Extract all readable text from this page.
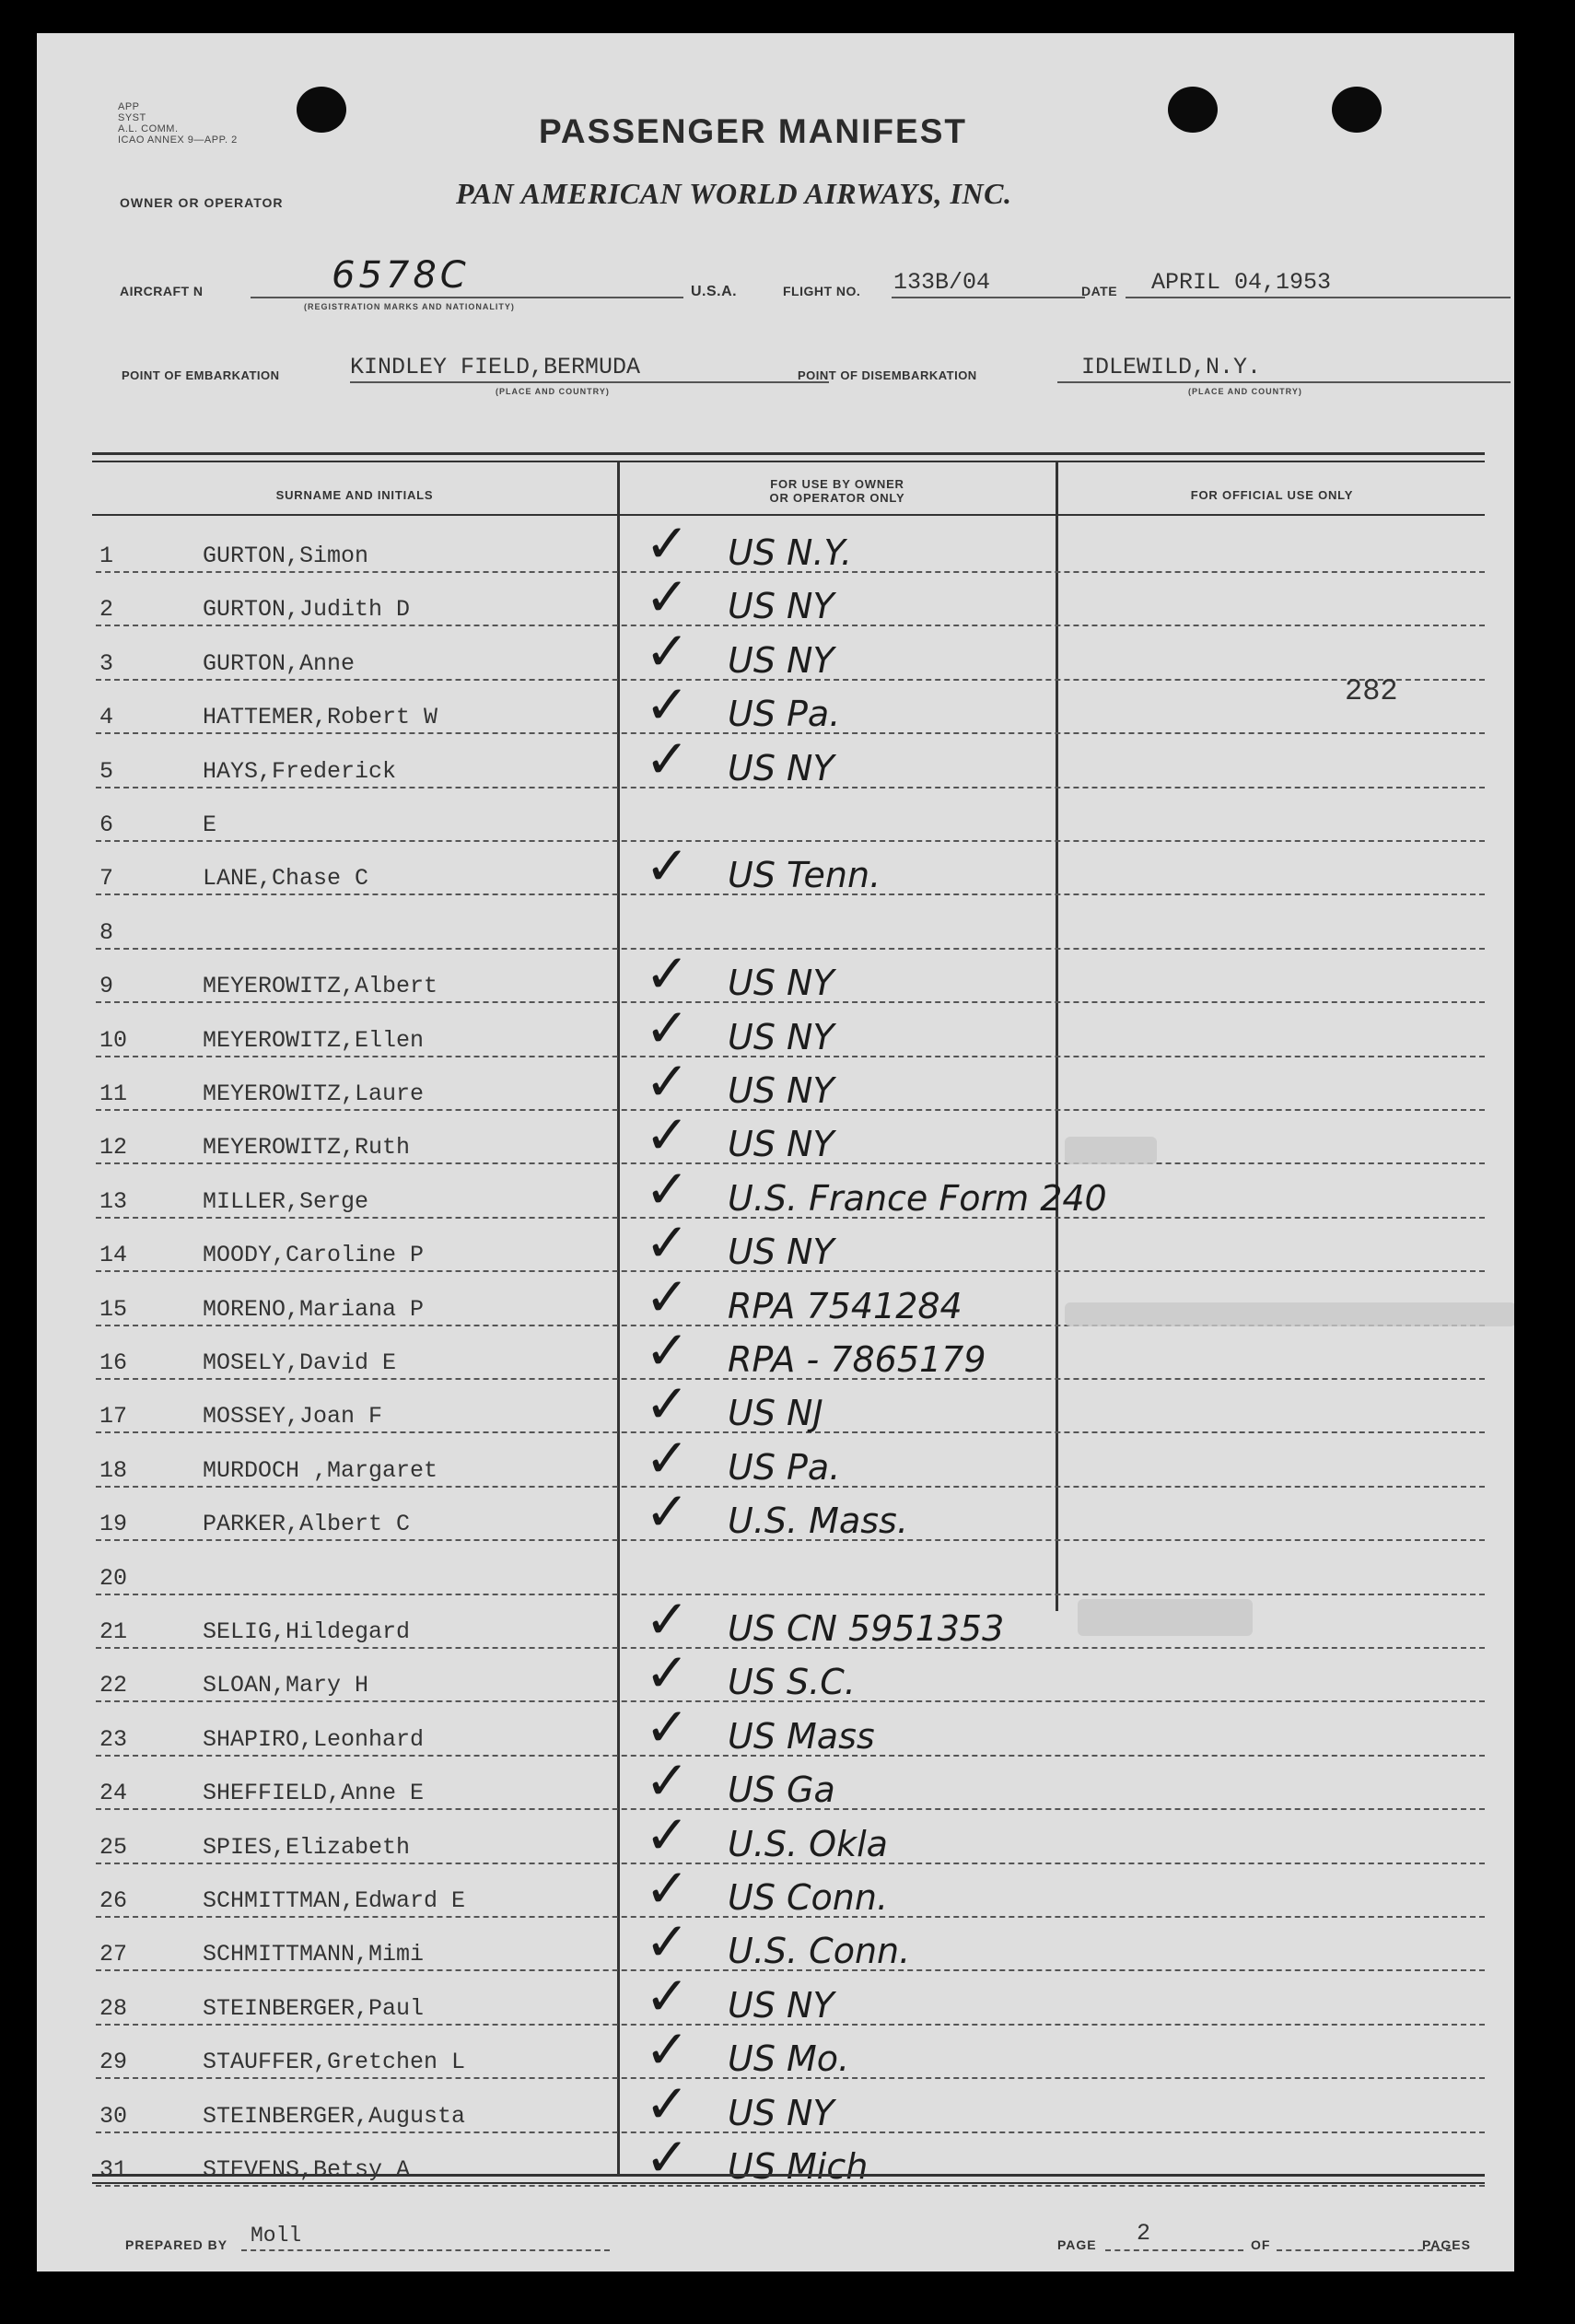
APP
SYST
A.L. COMM.
ICAO ANNEX 9—APP. 2	PASSENGER MANIFEST
OWNER OR OPERATOR	PAN AMERICAN WORLD AIRWAYS, INC.
AIRCRAFT N	6578C
(REGISTRATION MARKS AND NATIONALITY)
U.S.A.	FLIGHT NO. 133B/04	DATE APRIL 04,1953
POINT OF EMBARKATION	KINDLEY FIELD,BERMUDA
(PLACE AND COUNTRY)
POINT OF DISEMBARKATION	IDLEWILD,N.Y.
(PLACE AND COUNTRY)
SURNAME AND INITIALS
FOR USE BY OWNER
OR OPERATOR ONLY	FOR OFFICIAL USE ONLY
1	GURTON,Simon	✓ US N.Y.
2	GURTON,Judith D	✓ US NY
3	GURTON,Anne	✓ US NY
4	HATTEMER,Robert W	✓ US Pa.
5	HAYS,Frederick	✓ US NY
6	E
7	LANE,Chase C	✓ US Tenn.
8
9	MEYEROWITZ,Albert	✓ US NY
10	MEYEROWITZ,Ellen	✓ US NY
11	MEYEROWITZ,Laure	✓ US NY
12	MEYEROWITZ,Ruth	✓ US NY
13	MILLER,Serge	✓ U.S. France Form 240
14	MOODY,Caroline P	✓ US NY
15	MORENO,Mariana P	✓ RPA 7541284
16	MOSELY,David E	✓ RPA - 7865179
17	MOSSEY,Joan F	✓ US NJ
18	MURDOCH ,Margaret	✓ US Pa.
19	PARKER,Albert C	✓ U.S. Mass.
20
21	SELIG,Hildegard	✓ US CN 5951353
22	SLOAN,Mary H	✓ US S.C.
23	SHAPIRO,Leonhard	✓ US Mass
24	SHEFFIELD,Anne E	✓ US Ga
25	SPIES,Elizabeth	✓ U.S. Okla
26	SCHMITTMAN,Edward E	✓ US Conn.
27	SCHMITTMANN,Mimi	✓ U.S. Conn.
28	STEINBERGER,Paul	✓ US NY
29	STAUFFER,Gretchen L	✓ US Mo.
30	STEINBERGER,Augusta	✓ US NY
31	STEVENS,Betsy A	✓ US Mich
282
PREPARED BY Moll	PAGE 2	OF	PAGES
